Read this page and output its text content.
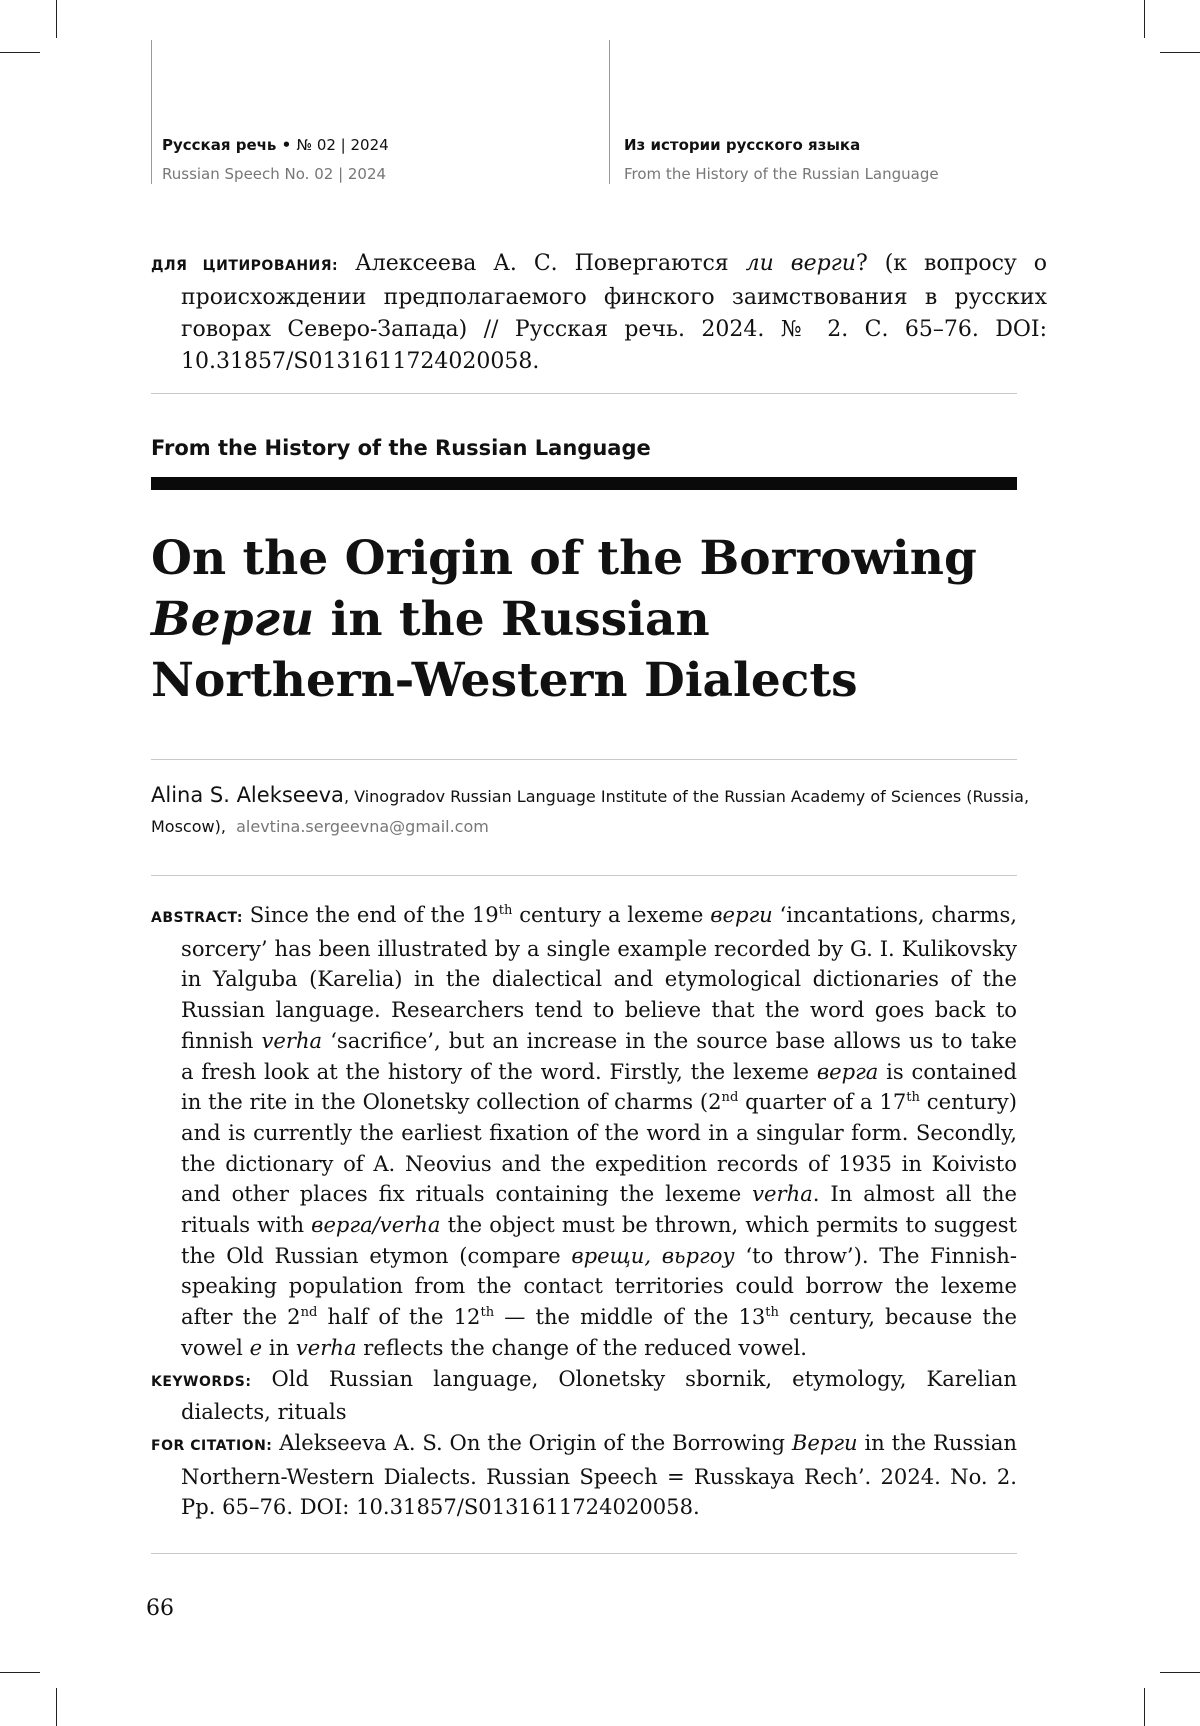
Русская речь • № 02 | 2024
Russian Speech No. 02 | 2024
Из истории русского языка
From the History of the Russian Language
ДЛЯ ЦИТИРОВАНИЯ: Алексеева А. С. Повергаются ли верги? (к вопросу о происхождении предполагаемого финского заимствования в русских говорах Северо-Запада) // Русская речь. 2024. № 2. С. 65–76. DOI: 10.31857/S0131611724020058.
From the History of the Russian Language
On the Origin of the Borrowing
Верги in the Russian
Northern-Western Dialects
Alina S. Alekseeva, Vinogradov Russian Language Institute of the Russian Academy of Sciences (Russia, Moscow), alevtina.sergeevna@gmail.com

ABSTRACT: Since the end of the 19th century a lexeme верги ‘incantations, charms, sorcery’ has been illustrated by a single example recorded by G. I. Kulikovsky in Yalguba (Karelia) in the dialectical and etymological dictionaries of the Russian language. Researchers tend to believe that the word goes back to finnish verha ‘sacrifice’, but an increase in the source base allows us to take a fresh look at the history of the word. Firstly, the lexeme верга is contained in the rite in the Olonetsky collection of charms (2nd quarter of a 17th century) and is currently the earliest fixation of the word in a singular form. Secondly, the dictionary of A. Neovius and the expedition records of 1935 in Koivisto and other places fix rituals containing the lexeme verha. In almost all the rituals with верга/verha the object must be thrown, which permits to suggest the Old Russian etymon (compare врещи, вьргоу ‘to throw’). The Finnish-speaking population from the contact territories could borrow the lexeme after the 2nd half of the 12th — the middle of the 13th century, because the vowel e in verha reflects the change of the reduced vowel.

KEYWORDS: Old Russian language, Olonetsky sbornik, etymology, Karelian dialects, rituals

FOR CITATION: Alekseeva A. S. On the Origin of the Borrowing Верги in the Russian Northern-Western Dialects. Russian Speech = Russkaya Rech’. 2024. No. 2. Pp. 65–76. DOI: 10.31857/S0131611724020058.

66
